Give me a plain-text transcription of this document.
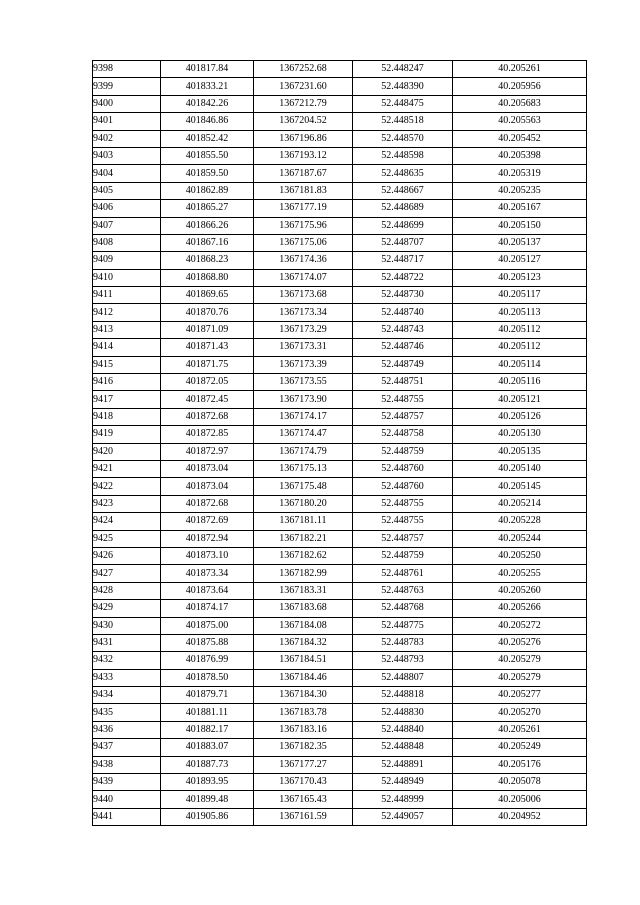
9398	401817.84	1367252.68	52.448247	40.205261
9399	401833.21	1367231.60	52.448390	40.205956
9400	401842.26	1367212.79	52.448475	40.205683
9401	401846.86	1367204.52	52.448518	40.205563
9402	401852.42	1367196.86	52.448570	40.205452
9403	401855.50	1367193.12	52.448598	40.205398
9404	401859.50	1367187.67	52.448635	40.205319
9405	401862.89	1367181.83	52.448667	40.205235
9406	401865.27	1367177.19	52.448689	40.205167
9407	401866.26	1367175.96	52.448699	40.205150
9408	401867.16	1367175.06	52.448707	40.205137
9409	401868.23	1367174.36	52.448717	40.205127
9410	401868.80	1367174.07	52.448722	40.205123
9411	401869.65	1367173.68	52.448730	40.205117
9412	401870.76	1367173.34	52.448740	40.205113
9413	401871.09	1367173.29	52.448743	40.205112
9414	401871.43	1367173.31	52.448746	40.205112
9415	401871.75	1367173.39	52.448749	40.205114
9416	401872.05	1367173.55	52.448751	40.205116
9417	401872.45	1367173.90	52.448755	40.205121
9418	401872.68	1367174.17	52.448757	40.205126
9419	401872.85	1367174.47	52.448758	40.205130
9420	401872.97	1367174.79	52.448759	40.205135
9421	401873.04	1367175.13	52.448760	40.205140
9422	401873.04	1367175.48	52.448760	40.205145
9423	401872.68	1367180.20	52.448755	40.205214
9424	401872.69	1367181.11	52.448755	40.205228
9425	401872.94	1367182.21	52.448757	40.205244
9426	401873.10	1367182.62	52.448759	40.205250
9427	401873.34	1367182.99	52.448761	40.205255
9428	401873.64	1367183.31	52.448763	40.205260
9429	401874.17	1367183.68	52.448768	40.205266
9430	401875.00	1367184.08	52.448775	40.205272
9431	401875.88	1367184.32	52.448783	40.205276
9432	401876.99	1367184.51	52.448793	40.205279
9433	401878.50	1367184.46	52.448807	40.205279
9434	401879.71	1367184.30	52.448818	40.205277
9435	401881.11	1367183.78	52.448830	40.205270
9436	401882.17	1367183.16	52.448840	40.205261
9437	401883.07	1367182.35	52.448848	40.205249
9438	401887.73	1367177.27	52.448891	40.205176
9439	401893.95	1367170.43	52.448949	40.205078
9440	401899.48	1367165.43	52.448999	40.205006
9441	401905.86	1367161.59	52.449057	40.204952
